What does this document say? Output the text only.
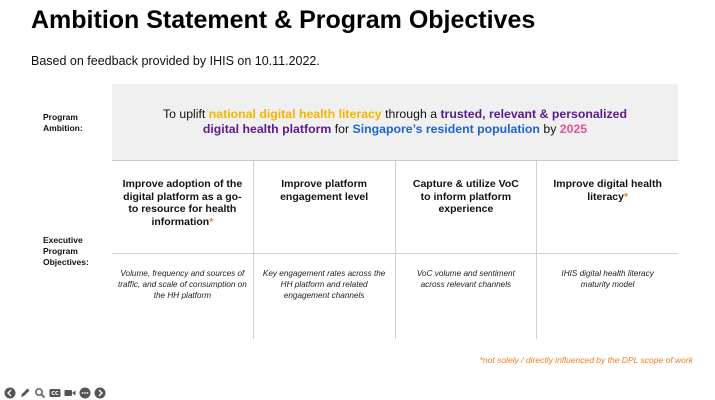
Ambition Statement & Program Objectives
Based on feedback provided by IHIS on 10.11.2022.
Program Ambition:
Executive Program Objectives:
To uplift national digital health literacy through a trusted, relevant & personalized digital health platform for Singapore’s resident population by 2025
Improve adoption of the digital platform as a go-to resource for health information*
Volume, frequency and sources of traffic, and scale of consumption on the HH platform
Improve platform engagement level
Key engagement rates across the HH platform and related engagement channels
Capture & utilize VoC to inform platform experience
VoC volume and sentiment across relevant channels
Improve digital health literacy*
IHIS digital health literacy maturity model
*not solely / directly influenced by the DPL scope of work
CC
